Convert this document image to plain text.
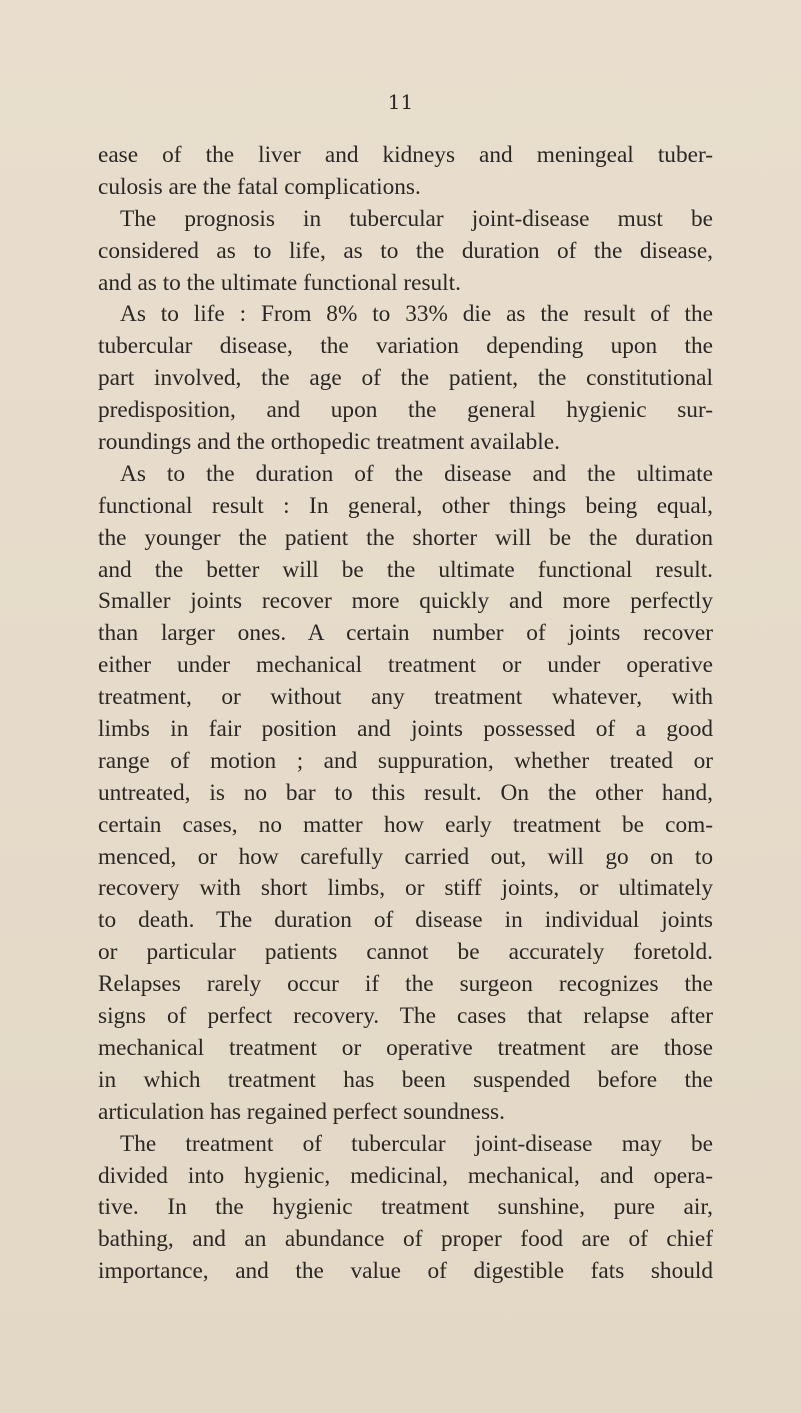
11
ease of the liver and kidneys and meningeal tuber-
culosis are the fatal complications.
The prognosis in tubercular joint-disease must be
considered as to life, as to the duration of the disease,
and as to the ultimate functional result.
As to life : From 8% to 33% die as the result of the
tubercular disease, the variation depending upon the
part involved, the age of the patient, the constitutional
predisposition, and upon the general hygienic sur-
roundings and the orthopedic treatment available.
As to the duration of the disease and the ultimate
functional result : In general, other things being equal,
the younger the patient the shorter will be the duration
and the better will be the ultimate functional result.
Smaller joints recover more quickly and more perfectly
than larger ones. A certain number of joints recover
either under mechanical treatment or under operative
treatment, or without any treatment whatever, with
limbs in fair position and joints possessed of a good
range of motion ; and suppuration, whether treated or
untreated, is no bar to this result. On the other hand,
certain cases, no matter how early treatment be com-
menced, or how carefully carried out, will go on to
recovery with short limbs, or stiff joints, or ultimately
to death. The duration of disease in individual joints
or particular patients cannot be accurately foretold.
Relapses rarely occur if the surgeon recognizes the
signs of perfect recovery. The cases that relapse after
mechanical treatment or operative treatment are those
in which treatment has been suspended before the
articulation has regained perfect soundness.
The treatment of tubercular joint-disease may be
divided into hygienic, medicinal, mechanical, and opera-
tive. In the hygienic treatment sunshine, pure air,
bathing, and an abundance of proper food are of chief
importance, and the value of digestible fats should
